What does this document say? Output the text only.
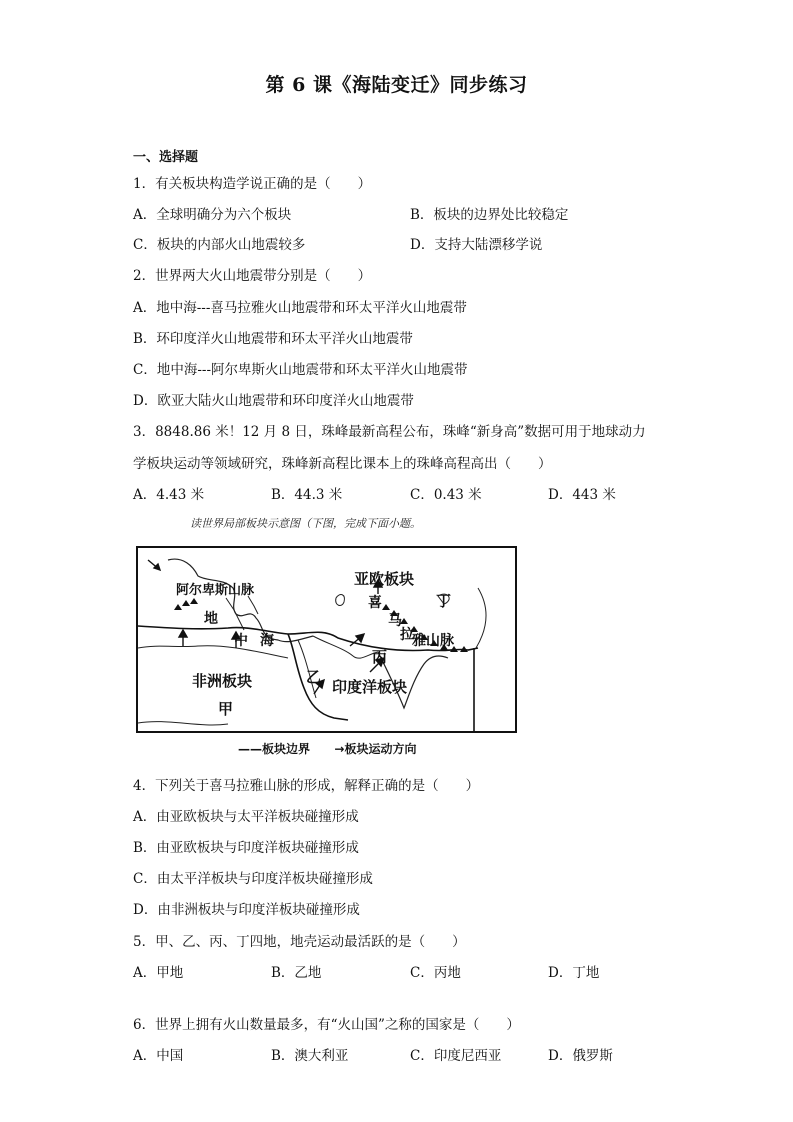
第 6 课《海陆变迁》同步练习
一、选择题
1．有关板块构造学说正确的是（　　）
A．全球明确分为六个板块	B．板块的边界处比较稳定
C．板块的内部火山地震较多	D．支持大陆漂移学说
2．世界两大火山地震带分别是（　　）
A．地中海---喜马拉雅火山地震带和环太平洋火山地震带
B．环印度洋火山地震带和环太平洋火山地震带
C．地中海---阿尔卑斯火山地震带和环太平洋火山地震带
D．欧亚大陆火山地震带和环印度洋火山地震带
3．8848.86 米！12 月 8 日，珠峰最新高程公布，珠峰“新身高”数据可用于地球动力
学板块运动等领域研究，珠峰新高程比课本上的珠峰高程高出（　　）
A．4.43 米	B．44.3 米	C．0.43 米	D．443 米
读世界局部板块示意图（下图，完成下面小题。
阿尔卑斯山脉
亚欧板块
丁
地
中 海
喜
马
拉
雅山脉
丙
非洲板块	乙
印度洋板块
甲
——板块边界 →板块运动方向
4．下列关于喜马拉雅山脉的形成，解释正确的是（　　）
A．由亚欧板块与太平洋板块碰撞形成
B．由亚欧板块与印度洋板块碰撞形成
C．由太平洋板块与印度洋板块碰撞形成
D．由非洲板块与印度洋板块碰撞形成
5．甲、乙、丙、丁四地，地壳运动最活跃的是（　　）
A．甲地	B．乙地	C．丙地	D．丁地
6．世界上拥有火山数量最多，有“火山国”之称的国家是（　　）
A．中国	B．澳大利亚	C．印度尼西亚	D．俄罗斯
